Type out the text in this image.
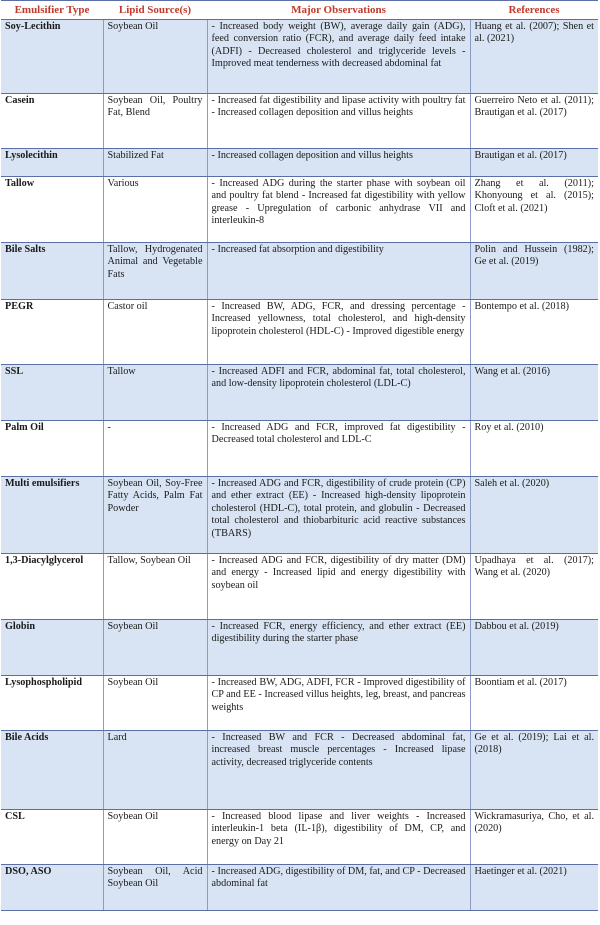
Emulsifier Type	Lipid Source(s)	Major Observations	References
Soy-Lecithin	Soybean Oil	- Increased body weight (BW), average daily gain (ADG), feed conversion ratio (FCR), and average daily feed intake (ADFI) - Decreased cholesterol and triglyceride levels - Improved meat tenderness with decreased abdominal fat	Huang et al. (2007); Shen et al. (2021)
Casein	Soybean Oil, Poultry Fat, Blend	- Increased fat digestibility and lipase activity with poultry fat - Increased collagen deposition and villus heights	Guerreiro Neto et al. (2011); Brautigan et al. (2017)
Lysolecithin	Stabilized Fat	- Increased collagen deposition and villus heights	Brautigan et al. (2017)
Tallow	Various	- Increased ADG during the starter phase with soybean oil and poultry fat blend - Increased fat digestibility with yellow grease - Upregulation of carbonic anhydrase VII and interleukin-8	Zhang et al. (2011); Khonyoung et al. (2015); Cloft et al. (2021)
Bile Salts	Tallow, Hydrogenated Animal and Vegetable Fats	- Increased fat absorption and digestibility	Polin and Hussein (1982); Ge et al. (2019)
PEGR	Castor oil	- Increased BW, ADG, FCR, and dressing percentage - Increased yellowness, total cholesterol, and high-density lipoprotein cholesterol (HDL-C) - Improved digestible energy	Bontempo et al. (2018)
SSL	Tallow	- Increased ADFI and FCR, abdominal fat, total cholesterol, and low-density lipoprotein cholesterol (LDL-C)	Wang et al. (2016)
Palm Oil	-	- Increased ADG and FCR, improved fat digestibility - Decreased total cholesterol and LDL-C	Roy et al. (2010)
Multi emulsifiers	Soybean Oil, Soy-Free Fatty Acids, Palm Fat Powder	- Increased ADG and FCR, digestibility of crude protein (CP) and ether extract (EE) - Increased high-density lipoprotein cholesterol (HDL-C), total protein, and globulin - Decreased total cholesterol and thiobarbituric acid reactive substances (TBARS)	Saleh et al. (2020)
1,3-Diacylglycerol	Tallow, Soybean Oil	- Increased ADG and FCR, digestibility of dry matter (DM) and energy - Increased lipid and energy digestibility with soybean oil	Upadhaya et al. (2017); Wang et al. (2020)
Globin	Soybean Oil	- Increased FCR, energy efficiency, and ether extract (EE) digestibility during the starter phase	Dabbou et al. (2019)
Lysophospholipid	Soybean Oil	- Increased BW, ADG, ADFI, FCR - Improved digestibility of CP and EE - Increased villus heights, leg, breast, and pancreas weights	Boontiam et al. (2017)
Bile Acids	Lard	- Increased BW and FCR - Decreased abdominal fat, increased breast muscle percentages - Increased lipase activity, decreased triglyceride contents	Ge et al. (2019); Lai et al. (2018)
CSL	Soybean Oil	- Increased blood lipase and liver weights - Increased interleukin-1 beta (IL-1β), digestibility of DM, CP, and energy on Day 21	Wickramasuriya, Cho, et al. (2020)
DSO, ASO	Soybean Oil, Acid Soybean Oil	- Increased ADG, digestibility of DM, fat, and CP - Decreased abdominal fat	Haetinger et al. (2021)
